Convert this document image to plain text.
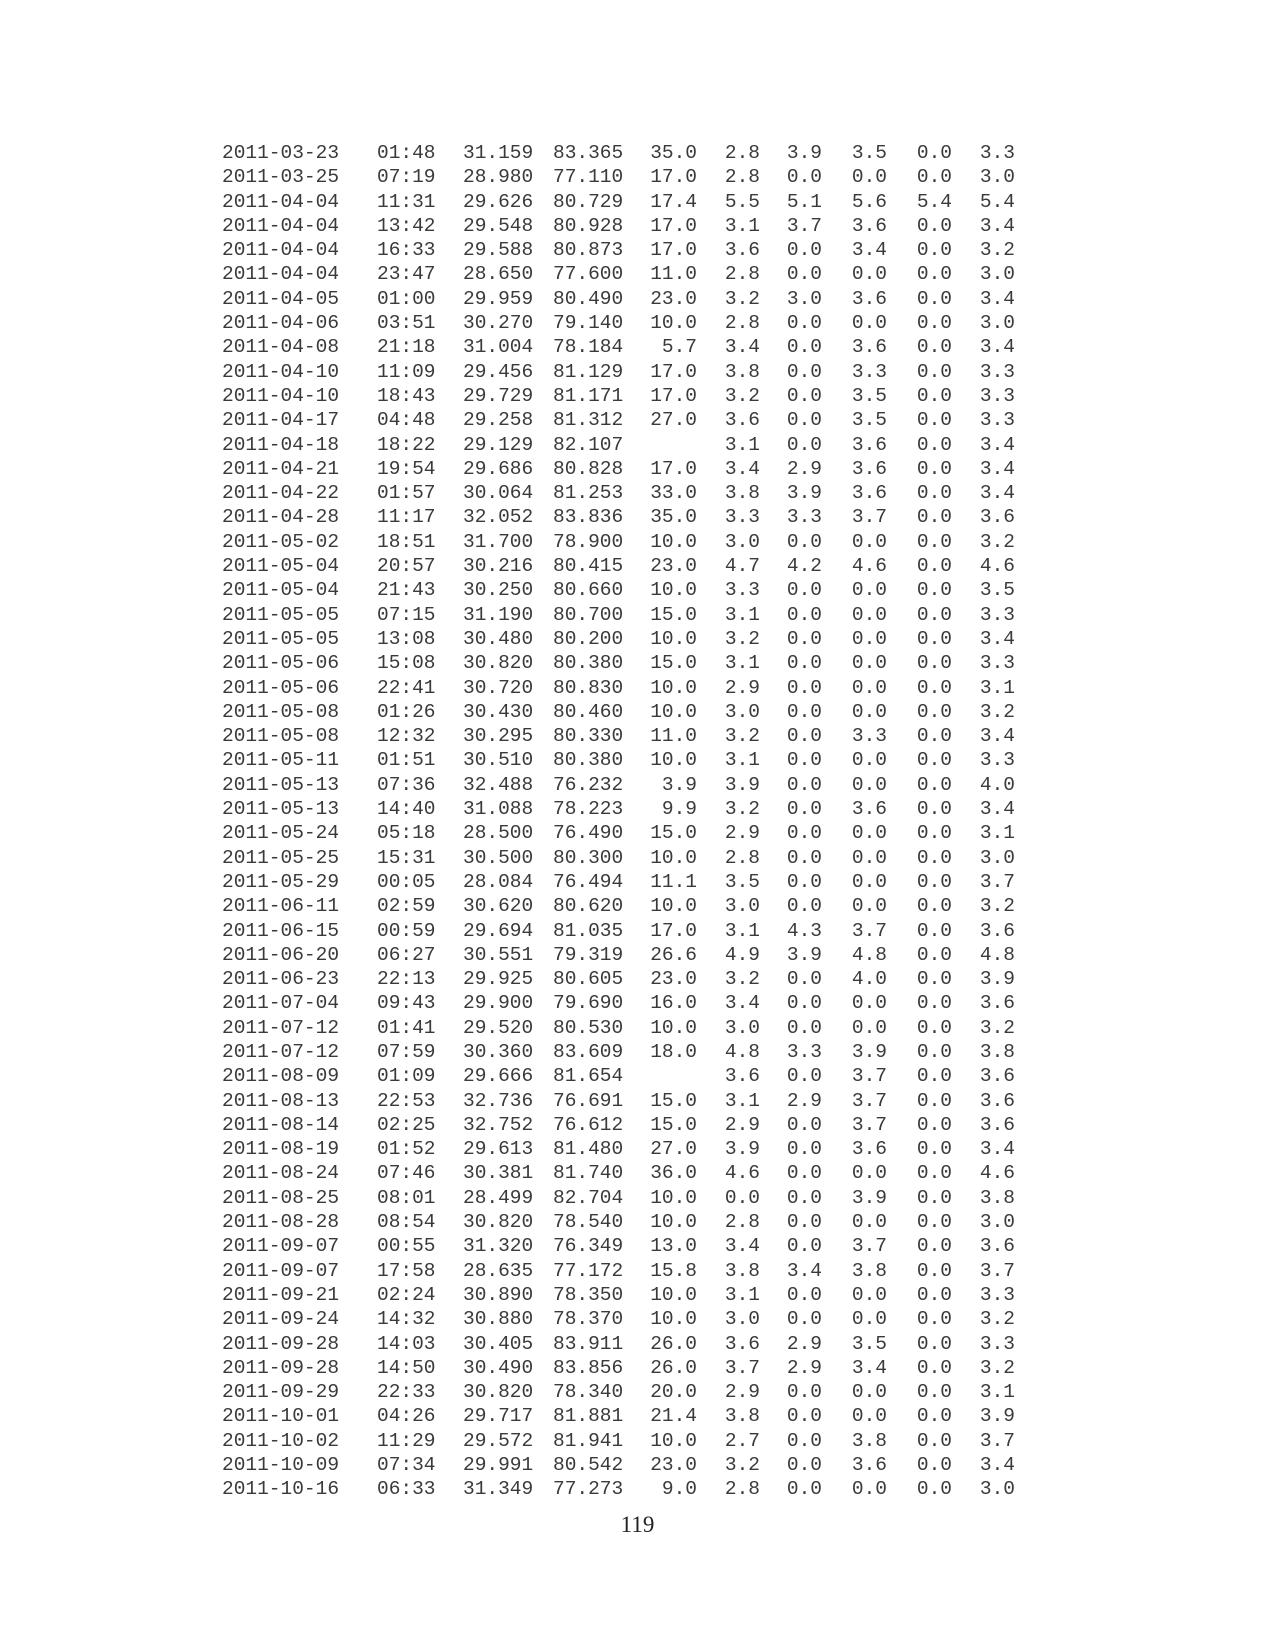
2011-03-23	01:48	31.159	83.365	35.0	2.8	3.9	3.5	0.0	3.3
2011-03-25	07:19	28.980	77.110	17.0	2.8	0.0	0.0	0.0	3.0
2011-04-04	11:31	29.626	80.729	17.4	5.5	5.1	5.6	5.4	5.4
2011-04-04	13:42	29.548	80.928	17.0	3.1	3.7	3.6	0.0	3.4
2011-04-04	16:33	29.588	80.873	17.0	3.6	0.0	3.4	0.0	3.2
2011-04-04	23:47	28.650	77.600	11.0	2.8	0.0	0.0	0.0	3.0
2011-04-05	01:00	29.959	80.490	23.0	3.2	3.0	3.6	0.0	3.4
2011-04-06	03:51	30.270	79.140	10.0	2.8	0.0	0.0	0.0	3.0
2011-04-08	21:18	31.004	78.184	5.7	3.4	0.0	3.6	0.0	3.4
2011-04-10	11:09	29.456	81.129	17.0	3.8	0.0	3.3	0.0	3.3
2011-04-10	18:43	29.729	81.171	17.0	3.2	0.0	3.5	0.0	3.3
2011-04-17	04:48	29.258	81.312	27.0	3.6	0.0	3.5	0.0	3.3
2011-04-18	18:22	29.129	82.107		3.1	0.0	3.6	0.0	3.4
2011-04-21	19:54	29.686	80.828	17.0	3.4	2.9	3.6	0.0	3.4
2011-04-22	01:57	30.064	81.253	33.0	3.8	3.9	3.6	0.0	3.4
2011-04-28	11:17	32.052	83.836	35.0	3.3	3.3	3.7	0.0	3.6
2011-05-02	18:51	31.700	78.900	10.0	3.0	0.0	0.0	0.0	3.2
2011-05-04	20:57	30.216	80.415	23.0	4.7	4.2	4.6	0.0	4.6
2011-05-04	21:43	30.250	80.660	10.0	3.3	0.0	0.0	0.0	3.5
2011-05-05	07:15	31.190	80.700	15.0	3.1	0.0	0.0	0.0	3.3
2011-05-05	13:08	30.480	80.200	10.0	3.2	0.0	0.0	0.0	3.4
2011-05-06	15:08	30.820	80.380	15.0	3.1	0.0	0.0	0.0	3.3
2011-05-06	22:41	30.720	80.830	10.0	2.9	0.0	0.0	0.0	3.1
2011-05-08	01:26	30.430	80.460	10.0	3.0	0.0	0.0	0.0	3.2
2011-05-08	12:32	30.295	80.330	11.0	3.2	0.0	3.3	0.0	3.4
2011-05-11	01:51	30.510	80.380	10.0	3.1	0.0	0.0	0.0	3.3
2011-05-13	07:36	32.488	76.232	3.9	3.9	0.0	0.0	0.0	4.0
2011-05-13	14:40	31.088	78.223	9.9	3.2	0.0	3.6	0.0	3.4
2011-05-24	05:18	28.500	76.490	15.0	2.9	0.0	0.0	0.0	3.1
2011-05-25	15:31	30.500	80.300	10.0	2.8	0.0	0.0	0.0	3.0
2011-05-29	00:05	28.084	76.494	11.1	3.5	0.0	0.0	0.0	3.7
2011-06-11	02:59	30.620	80.620	10.0	3.0	0.0	0.0	0.0	3.2
2011-06-15	00:59	29.694	81.035	17.0	3.1	4.3	3.7	0.0	3.6
2011-06-20	06:27	30.551	79.319	26.6	4.9	3.9	4.8	0.0	4.8
2011-06-23	22:13	29.925	80.605	23.0	3.2	0.0	4.0	0.0	3.9
2011-07-04	09:43	29.900	79.690	16.0	3.4	0.0	0.0	0.0	3.6
2011-07-12	01:41	29.520	80.530	10.0	3.0	0.0	0.0	0.0	3.2
2011-07-12	07:59	30.360	83.609	18.0	4.8	3.3	3.9	0.0	3.8
2011-08-09	01:09	29.666	81.654		3.6	0.0	3.7	0.0	3.6
2011-08-13	22:53	32.736	76.691	15.0	3.1	2.9	3.7	0.0	3.6
2011-08-14	02:25	32.752	76.612	15.0	2.9	0.0	3.7	0.0	3.6
2011-08-19	01:52	29.613	81.480	27.0	3.9	0.0	3.6	0.0	3.4
2011-08-24	07:46	30.381	81.740	36.0	4.6	0.0	0.0	0.0	4.6
2011-08-25	08:01	28.499	82.704	10.0	0.0	0.0	3.9	0.0	3.8
2011-08-28	08:54	30.820	78.540	10.0	2.8	0.0	0.0	0.0	3.0
2011-09-07	00:55	31.320	76.349	13.0	3.4	0.0	3.7	0.0	3.6
2011-09-07	17:58	28.635	77.172	15.8	3.8	3.4	3.8	0.0	3.7
2011-09-21	02:24	30.890	78.350	10.0	3.1	0.0	0.0	0.0	3.3
2011-09-24	14:32	30.880	78.370	10.0	3.0	0.0	0.0	0.0	3.2
2011-09-28	14:03	30.405	83.911	26.0	3.6	2.9	3.5	0.0	3.3
2011-09-28	14:50	30.490	83.856	26.0	3.7	2.9	3.4	0.0	3.2
2011-09-29	22:33	30.820	78.340	20.0	2.9	0.0	0.0	0.0	3.1
2011-10-01	04:26	29.717	81.881	21.4	3.8	0.0	0.0	0.0	3.9
2011-10-02	11:29	29.572	81.941	10.0	2.7	0.0	3.8	0.0	3.7
2011-10-09	07:34	29.991	80.542	23.0	3.2	0.0	3.6	0.0	3.4
2011-10-16	06:33	31.349	77.273	9.0	2.8	0.0	0.0	0.0	3.0
119
